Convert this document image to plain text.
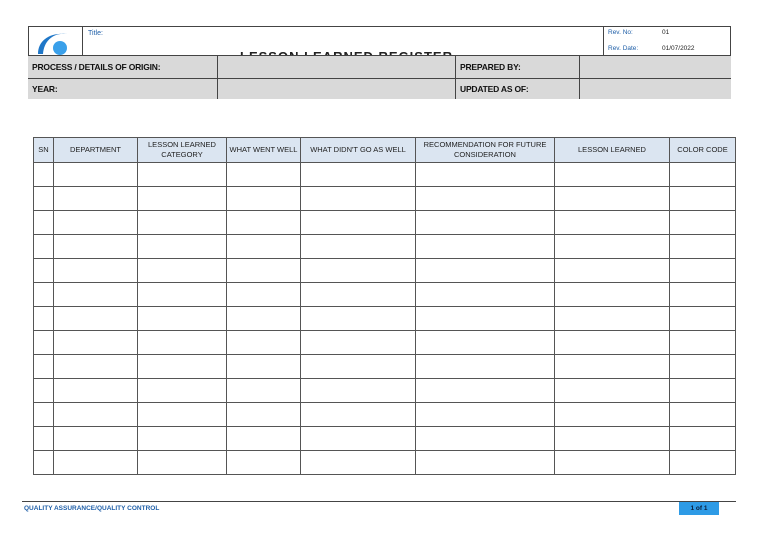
Title:	Rev. No:	01
Rev. Date:	01/07/2022
PROCESS / DETAILS OF ORIGIN:	PREPARED BY:
YEAR:	UPDATED AS OF:
SN	DEPARTMENT	LESSON LEARNED CATEGORY	WHAT WENT WELL	WHAT DIDN'T GO AS WELL	RECOMMENDATION FOR FUTURE CONSIDERATION	LESSON LEARNED	COLOR CODE

QUALITY ASSURANCE/QUALITY CONTROL	1 of 1
